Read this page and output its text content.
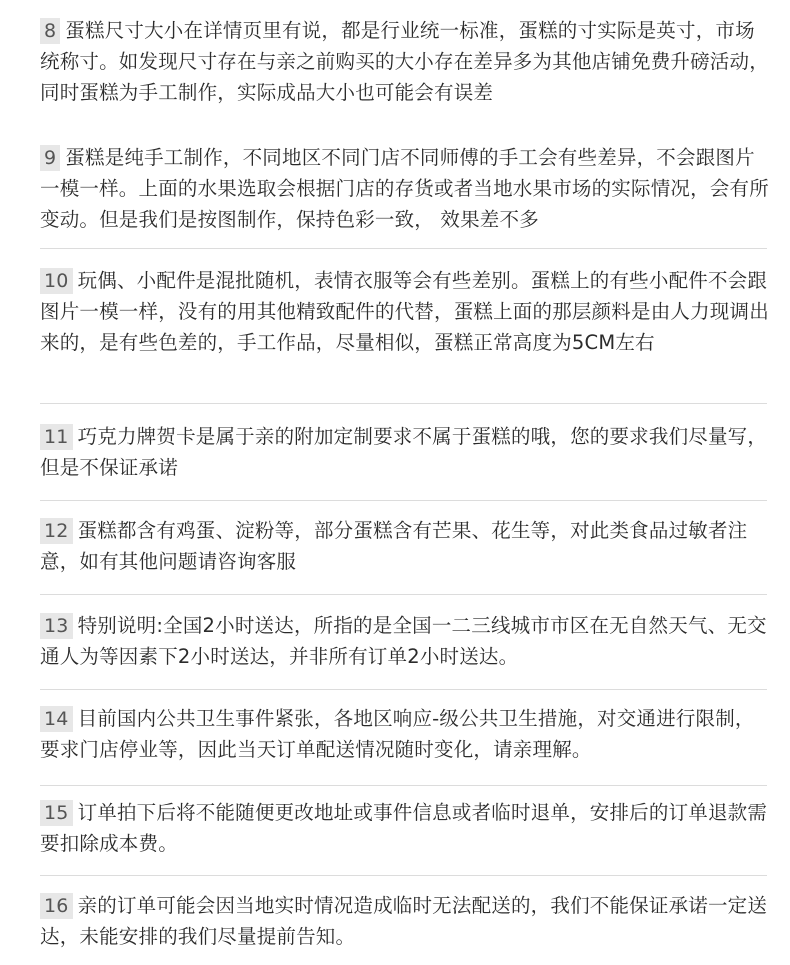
8 蛋糕尺寸大小在详情页里有说，都是行业统一标准，蛋糕的寸实际是英寸，市场统称寸。如发现尺寸存在与亲之前购买的大小存在差异多为其他店铺免费升磅活动，同时蛋糕为手工制作，实际成品大小也可能会有误差

9 蛋糕是纯手工制作，不同地区不同门店不同师傅的手工会有些差异，不会跟图片一模一样。上面的水果选取会根据门店的存货或者当地水果市场的实际情况，会有所变动。但是我们是按图制作，保持色彩一致， 效果差不多

10 玩偶、小配件是混批随机，表情衣服等会有些差别。蛋糕上的有些小配件不会跟图片一模一样，没有的用其他精致配件的代替，蛋糕上面的那层颜料是由人力现调出来的，是有些色差的，手工作品，尽量相似，蛋糕正常高度为5CM左右

11 巧克力牌贺卡是属于亲的附加定制要求不属于蛋糕的哦，您的要求我们尽量写，但是不保证承诺

12 蛋糕都含有鸡蛋、淀粉等，部分蛋糕含有芒果、花生等，对此类食品过敏者注意，如有其他问题请咨询客服

13 特别说明:全国2小时送达，所指的是全国一二三线城市市区在无自然天气、无交通人为等因素下2小时送达，并非所有订单2小时送达。

14 目前国内公共卫生事件紧张，各地区响应-级公共卫生措施，对交通进行限制，要求门店停业等，因此当天订单配送情况随时变化，请亲理解。

15 订单拍下后将不能随便更改地址或事件信息或者临时退单，安排后的订单退款需要扣除成本费。

16 亲的订单可能会因当地实时情况造成临时无法配送的，我们不能保证承诺一定送达，未能安排的我们尽量提前告知。
